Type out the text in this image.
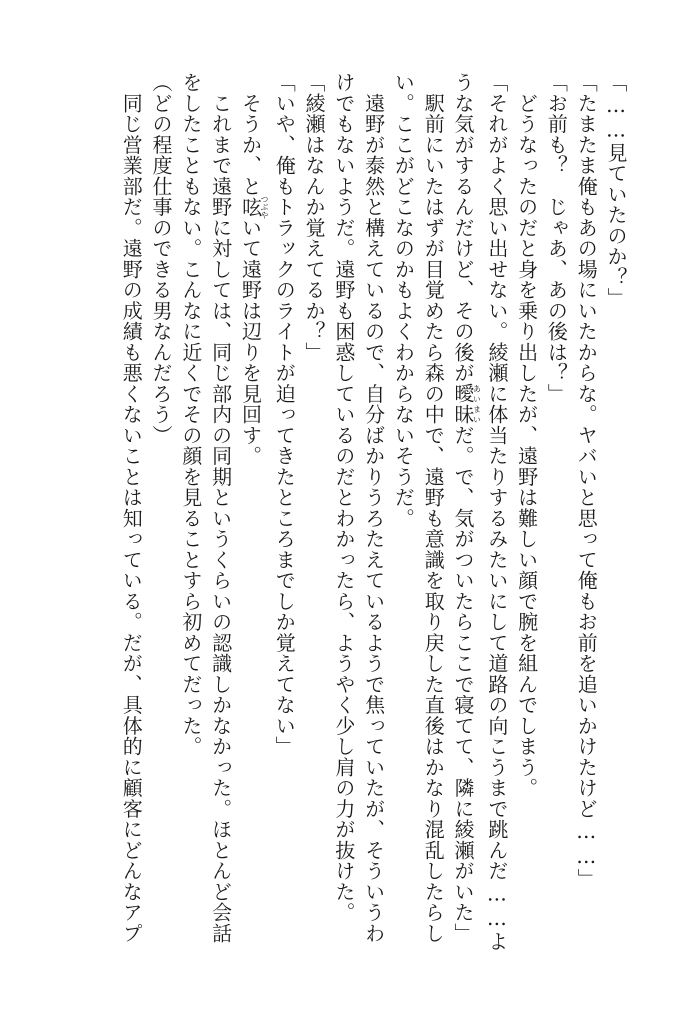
「……見ていたのか？」
「たまたま俺もあの場にいたからな。ヤバいと思って俺もお前を追いかけたけど……」
「お前も？　じゃあ、あの後は？」
　どうなったのだと身を乗り出したが、遠野は難しい顔で腕を組んでしまう。
「それがよく思い出せない。綾瀬に体当たりするみたいにして道路の向こうまで跳んだ……よ
うな気がするんだけど、その後が曖昧あいまいだ。で、気がついたらここで寝てて、隣に綾瀬がいた」
　駅前にいたはずが目覚めたら森の中で、遠野も意識を取り戻した直後はかなり混乱したらし
い。ここがどこなのかもよくわからないそうだ。
　遠野が泰然と構えているので、自分ばかりうろたえているようで焦っていたが、そういうわ
けでもないようだ。遠野も困惑しているのだとわかったら、ようやく少し肩の力が抜けた。
「綾瀬はなんか覚えてるか？」
「いや、俺もトラックのライトが迫ってきたところまでしか覚えてない」
　そうか、と呟つぶやいて遠野は辺りを見回す。
　これまで遠野に対しては、同じ部内の同期というくらいの認識しかなかった。ほとんど会話
をしたこともない。こんなに近くでその顔を見ることすら初めてだった。
（どの程度仕事のできる男なんだろう）
　同じ営業部だ。遠野の成績も悪くないことは知っている。だが、具体的に顧客にどんなアプ
